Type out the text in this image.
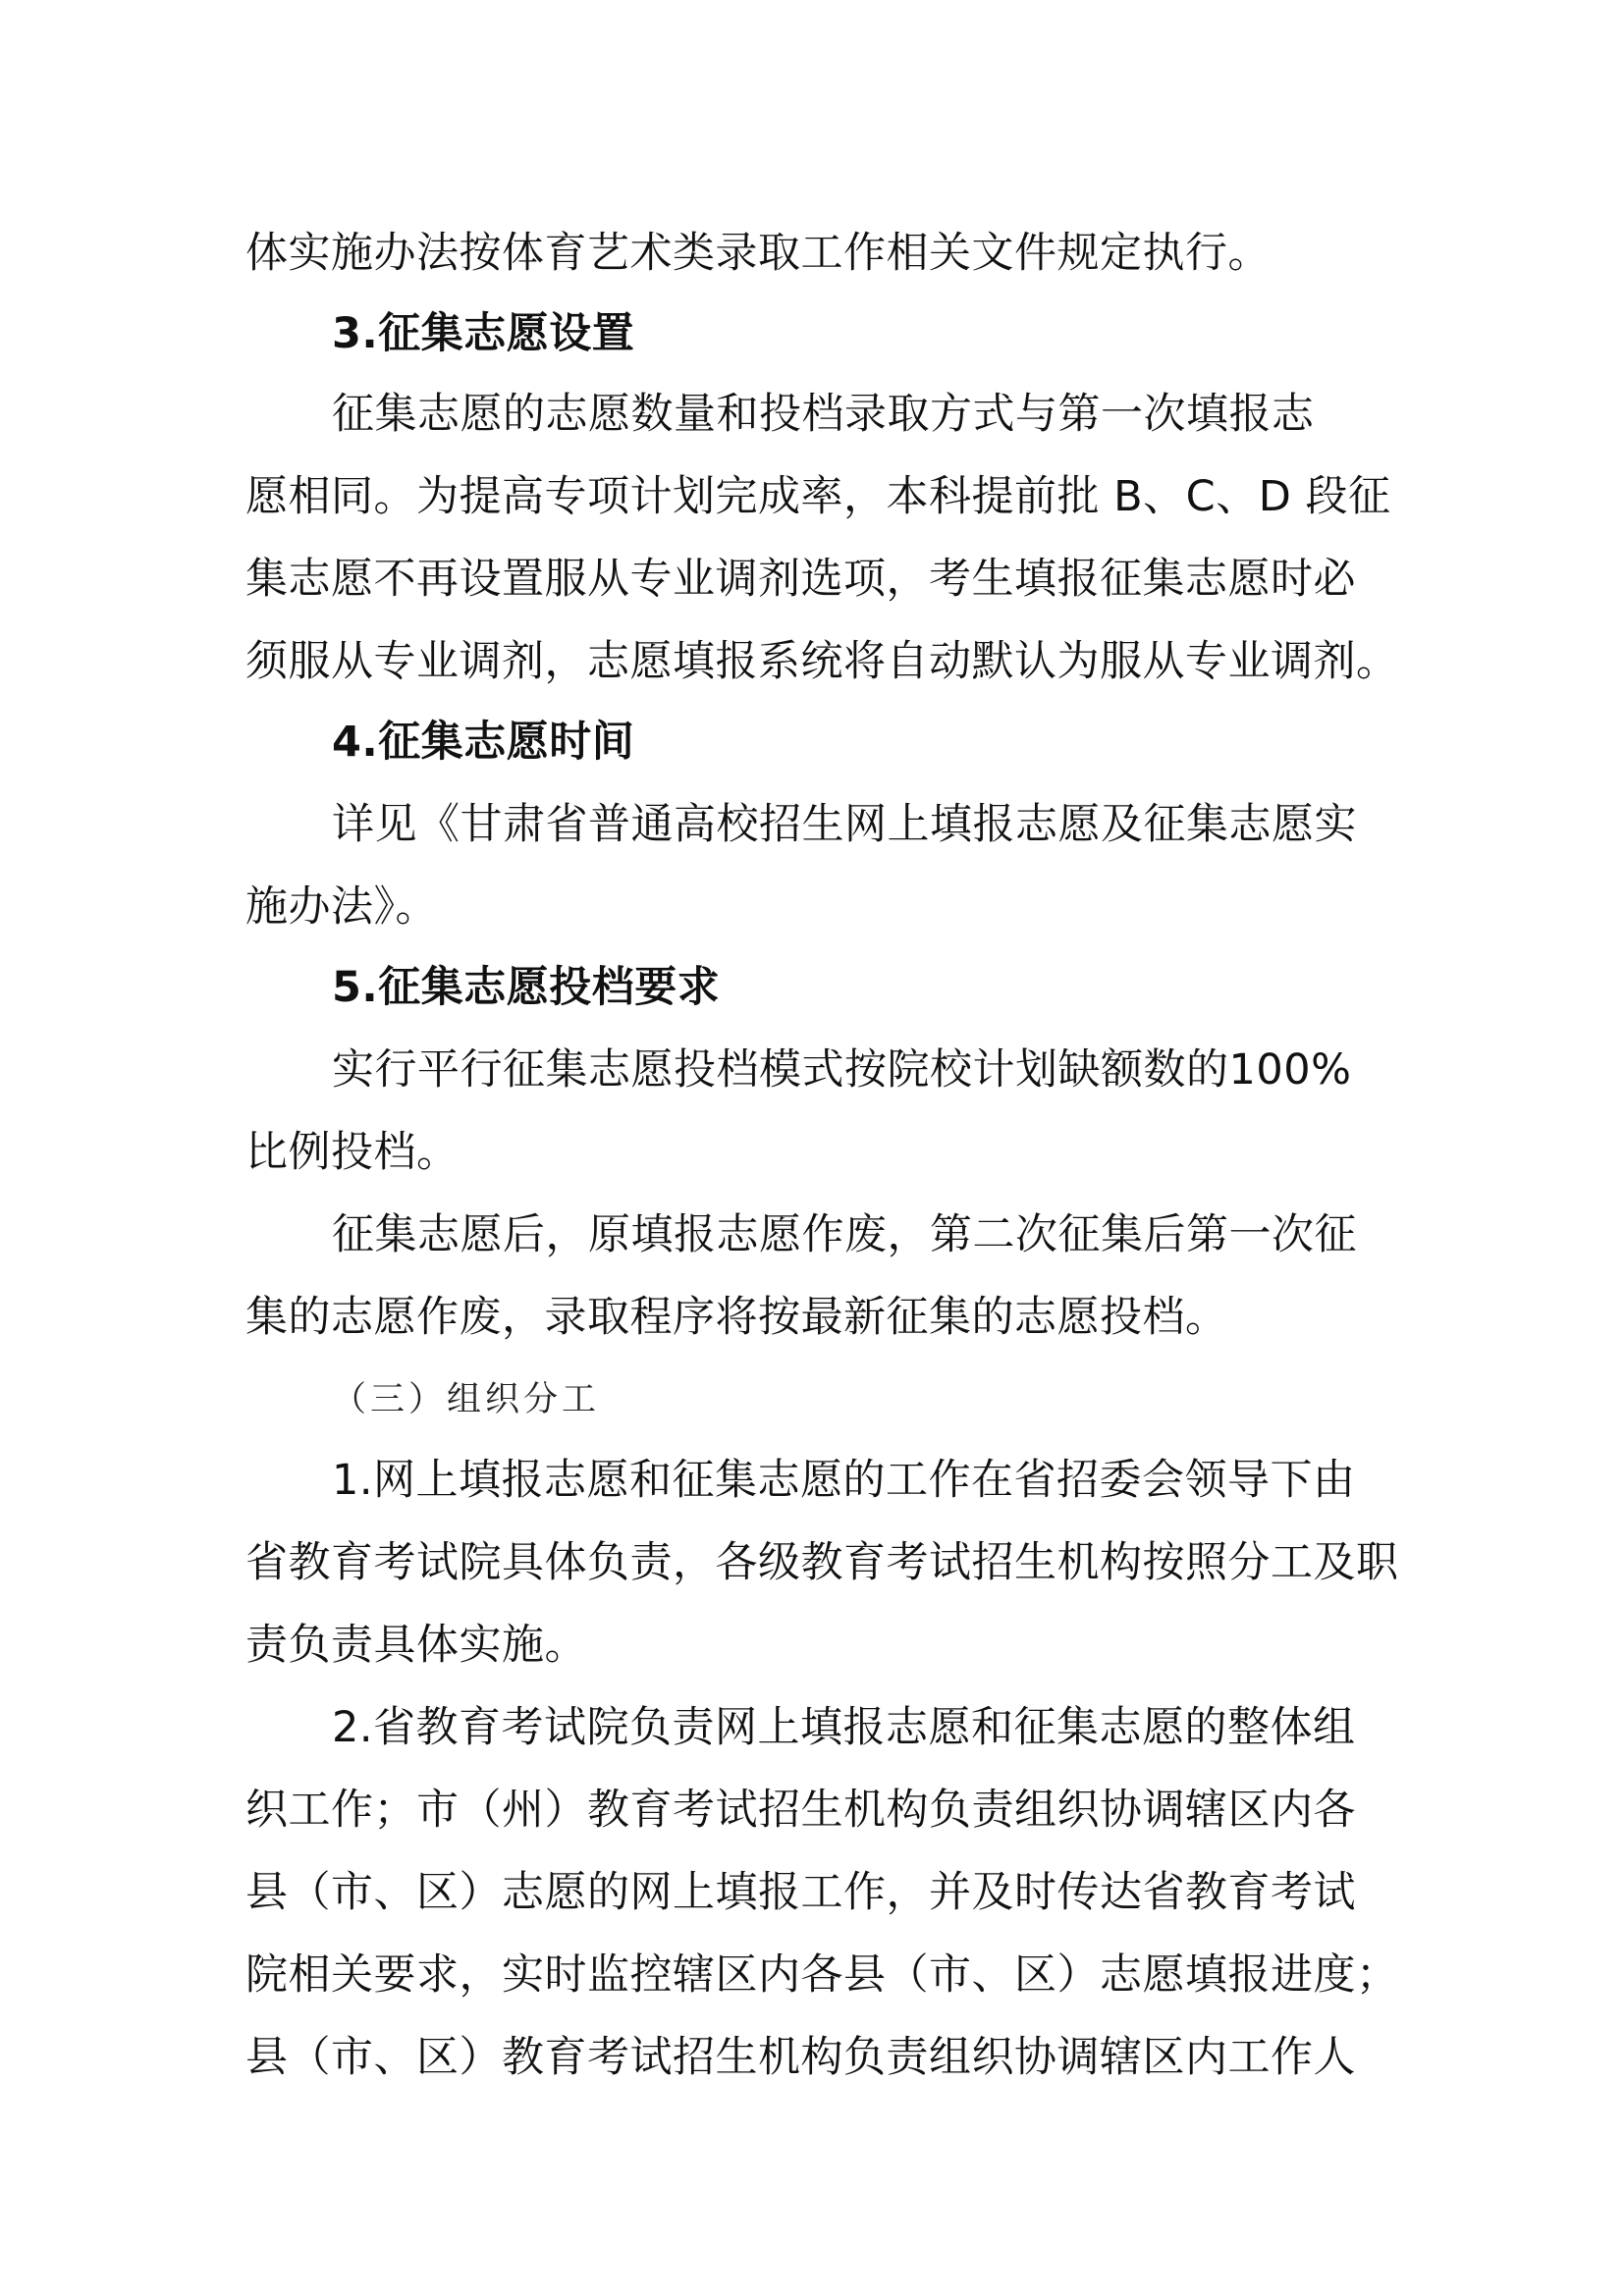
体实施办法按体育艺术类录取工作相关文件规定执行。
3.征集志愿设置
征集志愿的志愿数量和投档录取方式与第一次填报志
愿相同。为提高专项计划完成率，本科提前批 B、C、D 段征
集志愿不再设置服从专业调剂选项，考生填报征集志愿时必
须服从专业调剂，志愿填报系统将自动默认为服从专业调剂。
4.征集志愿时间
详见《甘肃省普通高校招生网上填报志愿及征集志愿实
施办法》。
5.征集志愿投档要求
实行平行征集志愿投档模式按院校计划缺额数的100%
比例投档。
征集志愿后，原填报志愿作废，第二次征集后第一次征
集的志愿作废，录取程序将按最新征集的志愿投档。
（三）组织分工
1.网上填报志愿和征集志愿的工作在省招委会领导下由
省教育考试院具体负责，各级教育考试招生机构按照分工及职
责负责具体实施。
2.省教育考试院负责网上填报志愿和征集志愿的整体组
织工作；市（州）教育考试招生机构负责组织协调辖区内各
县（市、区）志愿的网上填报工作，并及时传达省教育考试
院相关要求，实时监控辖区内各县（市、区）志愿填报进度；
县（市、区）教育考试招生机构负责组织协调辖区内工作人
